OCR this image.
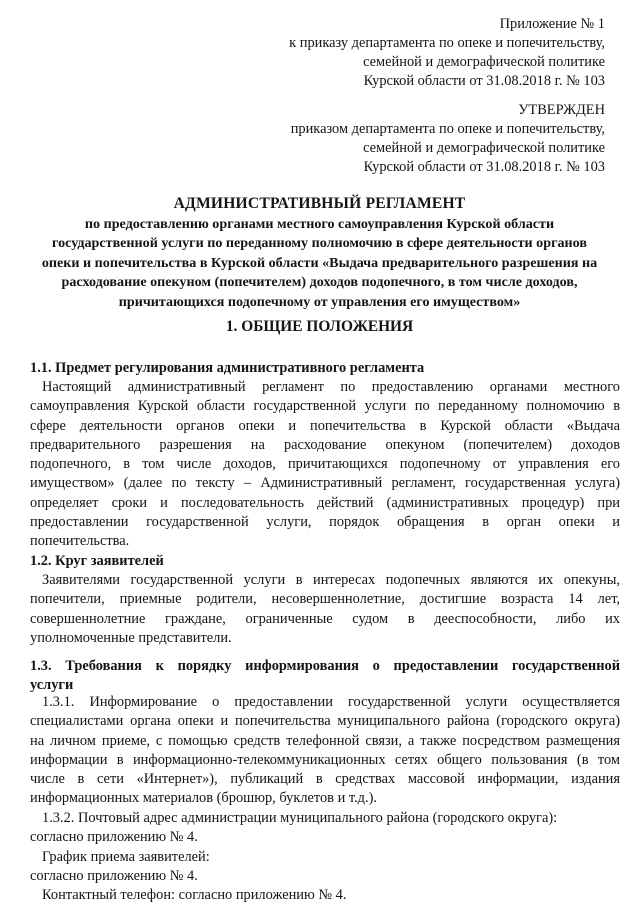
Приложение № 1
к приказу департамента по опеке и попечительству,
семейной и демографической политике
Курской области от 31.08.2018 г. № 103
УТВЕРЖДЕН
приказом департамента по опеке и попечительству,
семейной и демографической политике
Курской области от 31.08.2018 г. № 103
АДМИНИСТРАТИВНЫЙ РЕГЛАМЕНТ
по предоставлению органами местного самоуправления Курской области
государственной услуги по переданному полномочию в сфере деятельности органов
опеки и попечительства в Курской области «Выдача предварительного разрешения на
расходование опекуном (попечителем) доходов подопечного, в том числе доходов,
причитающихся подопечному от управления его имуществом»
1. ОБЩИЕ ПОЛОЖЕНИЯ
1.1. Предмет регулирования административного регламента
Настоящий административный регламент по предоставлению органами местного
самоуправления Курской области государственной услуги по переданному полномочию в
сфере деятельности органов опеки и попечительства в Курской области «Выдача
предварительного разрешения на расходование опекуном (попечителем) доходов
подопечного, в том числе доходов, причитающихся подопечному от управления его
имуществом» (далее по тексту – Административный регламент, государственная услуга)
определяет сроки и последовательность действий (административных процедур) при
предоставлении государственной услуги, порядок обращения в орган опеки и
попечительства.
1.2. Круг заявителей
Заявителями государственной услуги в интересах подопечных являются их опекуны,
попечители, приемные родители, несовершеннолетние, достигшие возраста 14 лет,
совершеннолетние граждане, ограниченные судом в дееспособности, либо их
уполномоченные представители.
1.3. Требования к порядку информирования о предоставлении государственной
услуги
1.3.1. Информирование о предоставлении государственной услуги осуществляется
специалистами органа опеки и попечительства муниципального района (городского округа)
на личном приеме, с помощью средств телефонной связи, а также посредством размещения
информации в информационно-телекоммуникационных сетях общего пользования (в том
числе в сети «Интернет»), публикаций в средствах массовой информации, издания
информационных материалов (брошюр, буклетов и т.д.).
1.3.2. Почтовый адрес администрации муниципального района (городского округа):
согласно приложению № 4.
График приема заявителей:
согласно приложению № 4.
Контактный телефон: согласно приложению № 4.
